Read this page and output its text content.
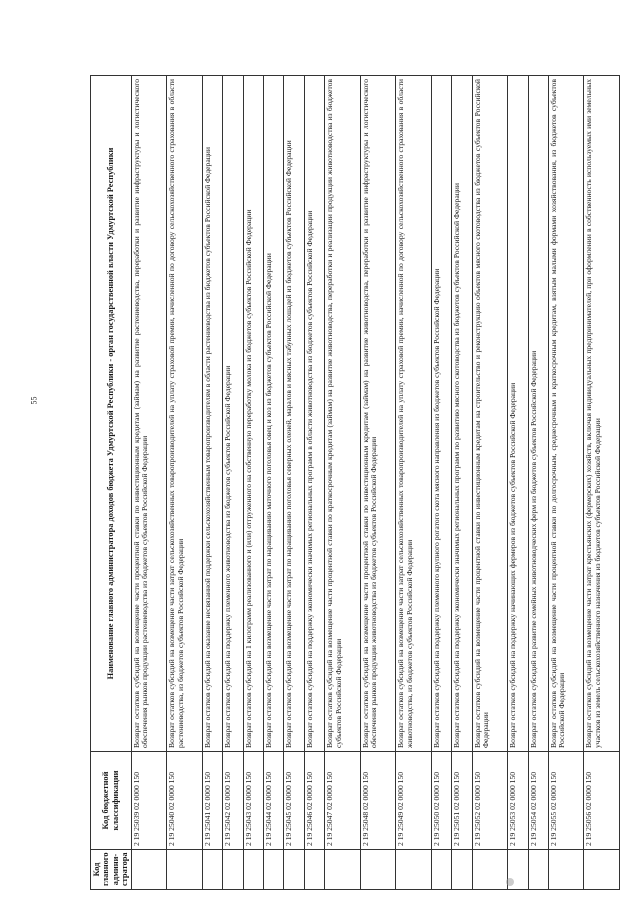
55
Код главного админи-стратора	Код бюджетной классификации	Наименование главного администратора доходов бюджета Удмуртской Республики - орган государственной власти Удмуртской Республики
	2 19 25039 02 0000 150	Возврат остатков субсидий на возмещение части процентной ставки по инвестиционным кредитам (займам) на развитие растениеводства, переработки и развитие инфраструктуры и логистического обеспечения рынков продукции растениеводства из бюджетов субъектов Российской Федерации
	2 19 25040 02 0000 150	Возврат остатков субсидий на возмещение части затрат сельскохозяйственных товаропроизводителей на уплату страховой премии, начисленной по договору сельскохозяйственного страхования в области растениеводства, из бюджетов субъектов Российской Федерации
	2 19 25041 02 0000 150	Возврат остатков субсидий на оказание несвязанной поддержки сельскохозяйственным товаропроизводителям в области растениеводства из бюджетов субъектов Российской Федерации
	2 19 25042 02 0000 150	Возврат остатков субсидий на поддержку племенного животноводства из бюджетов субъектов Российской Федерации
	2 19 25043 02 0000 150	Возврат остатков субсидий на 1 килограмм реализованного и (или) отгруженного на собственную переработку молока из бюджетов субъектов Российской Федерации
	2 19 25044 02 0000 150	Возврат остатков субсидий на возмещение части затрат по наращиванию маточного поголовья овец и коз из бюджетов субъектов Российской Федерации
	2 19 25045 02 0000 150	Возврат остатков субсидий на возмещение части затрат по наращиванию поголовья северных оленей, маралов и мясных табунных лошадей из бюджетов субъектов Российской Федерации
	2 19 25046 02 0000 150	Возврат остатков субсидий на поддержку экономически значимых региональных программ в области животноводства из бюджетов субъектов Российской Федерации
	2 19 25047 02 0000 150	Возврат остатков субсидий на возмещение части процентной ставки по краткосрочным кредитам (займам) на развитие животноводства, переработки и реализации продукции животноводства из бюджетов субъектов Российской Федерации
	2 19 25048 02 0000 150	Возврат остатков субсидий на возмещение части процентной ставки по инвестиционным кредитам (займам) на развитие животноводства, переработки и развитие инфраструктуры и логистического обеспечения рынков продукции животноводства из бюджетов субъектов Российской Федерации
	2 19 25049 02 0000 150	Возврат остатков субсидий на возмещение части затрат сельскохозяйственных товаропроизводителей на уплату страховой премии, начисленной по договору сельскохозяйственного страхования в области животноводства, из бюджетов субъектов Российской Федерации
	2 19 25050 02 0000 150	Возврат остатков субсидий на поддержку племенного крупного рогатого скота мясного направления из бюджетов субъектов Российской Федерации
	2 19 25051 02 0000 150	Возврат остатков субсидий на поддержку экономически значимых региональных программ по развитию мясного скотоводства из бюджетов субъектов Российской Федерации
	2 19 25052 02 0000 150	Возврат остатков субсидий на возмещение части процентной ставки по инвестиционным кредитам на строительство и реконструкцию объектов мясного скотоводства из бюджетов субъектов Российской Федерации
	2 19 25053 02 0000 150	Возврат остатков субсидий на поддержку начинающих фермеров из бюджетов субъектов Российской Федерации
	2 19 25054 02 0000 150	Возврат остатков субсидий на развитие семейных животноводческих ферм из бюджетов субъектов Российской Федерации
	2 19 25055 02 0000 150	Возврат остатков субсидий на возмещение части процентной ставки по долгосрочным, среднесрочным и краткосрочным кредитам, взятым малыми формами хозяйствования, из бюджетов субъектов Российской Федерации
	2 19 25056 02 0000 150	Возврат остатков субсидий на возмещение части затрат крестьянских (фермерских) хозяйств, включая индивидуальных предпринимателей, при оформлении в собственность используемых ими земельных участков из земель сельскохозяйственного назначения из бюджетов субъектов Российской Федерации
